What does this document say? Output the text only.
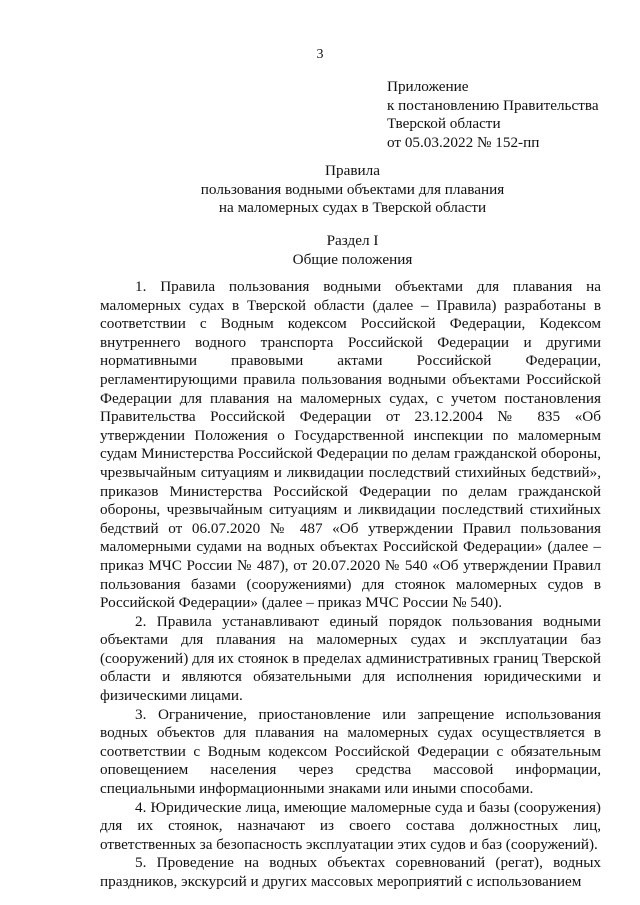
3
Приложение
к постановлению Правительства
Тверской области
от 05.03.2022 № 152-пп
Правила
пользования водными объектами для плавания
на маломерных судах в Тверской области
Раздел I
Общие положения

1. Правила пользования водными объектами для плавания на маломерных судах в Тверской области (далее – Правила) разработаны в соответствии с Водным кодексом Российской Федерации, Кодексом внутреннего водного транспорта Российской Федерации и другими нормативными правовыми актами Российской Федерации, регламентирующими правила пользования водными объектами Российской Федерации для плавания на маломерных судах, с учетом постановления Правительства Российской Федерации от 23.12.2004 № 835 «Об утверждении Положения о Государственной инспекции по маломерным судам Министерства Российской Федерации по делам гражданской обороны, чрезвычайным ситуациям и ликвидации последствий стихийных бедствий», приказов Министерства Российской Федерации по делам гражданской обороны, чрезвычайным ситуациям и ликвидации последствий стихийных бедствий от 06.07.2020 № 487 «Об утверждении Правил пользования маломерными судами на водных объектах Российской Федерации» (далее – приказ МЧС России № 487), от 20.07.2020 № 540 «Об утверждении Правил пользования базами (сооружениями) для стоянок маломерных судов в Российской Федерации» (далее – приказ МЧС России № 540).

2. Правила устанавливают единый порядок пользования водными объектами для плавания на маломерных судах и эксплуатации баз (сооружений) для их стоянок в пределах административных границ Тверской области и являются обязательными для исполнения юридическими и физическими лицами.

3. Ограничение, приостановление или запрещение использования водных объектов для плавания на маломерных судах осуществляется в соответствии с Водным кодексом Российской Федерации с обязательным оповещением населения через средства массовой информации, специальными информационными знаками или иными способами.

4. Юридические лица, имеющие маломерные суда и базы (сооружения) для их стоянок, назначают из своего состава должностных лиц, ответственных за безопасность эксплуатации этих судов и баз (сооружений).

5. Проведение на водных объектах соревнований (регат), водных праздников, экскурсий и других массовых мероприятий с использованием
